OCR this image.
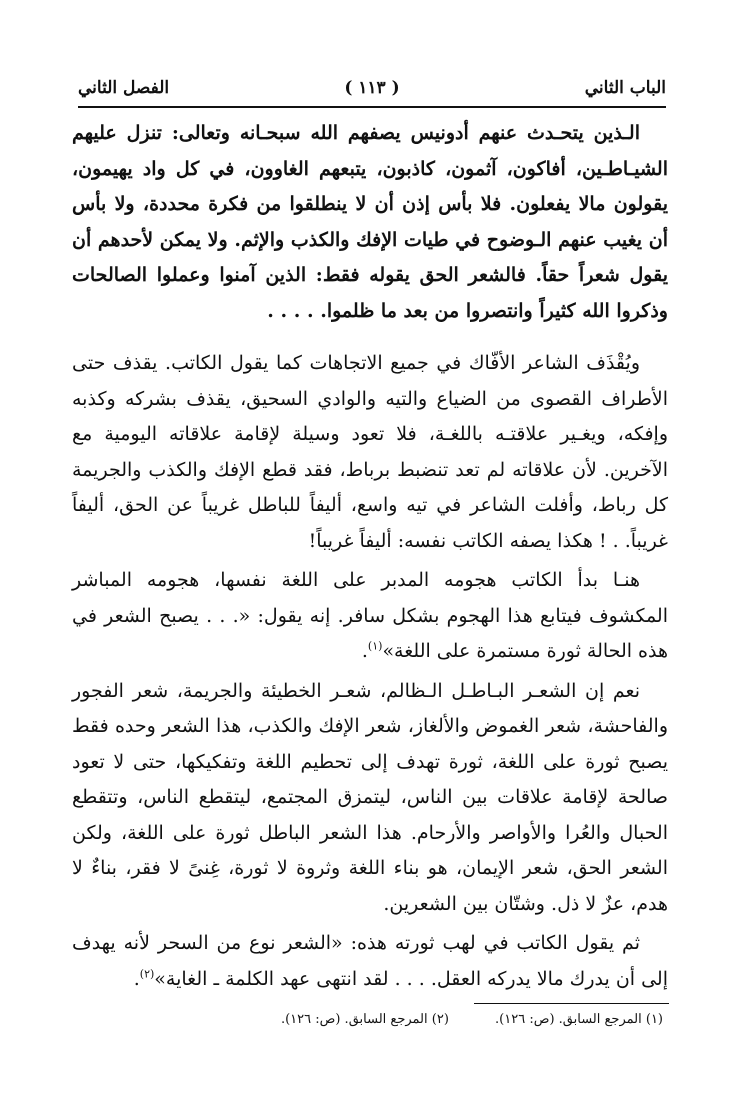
الباب الثاني
( ١١٣ )
الفصل الثاني

الـذين يتحـدث عنهم أدونيس يصفهم الله سبحـانه وتعالى: تنزل عليهم الشيـاطـين، أفاكون، آثمون، كاذبون، يتبعهم الغاوون، في كل واد يهيمون، يقولون مالا يفعلون. فلا بأس إذن أن لا ينطلقوا من فكرة محددة، ولا بأس أن يغيب عنهم الـوضوح في طيات الإفك والكذب والإثم. ولا يمكن لأحدهم أن يقول شعراً حقاً. فالشعر الحق يقوله فقط: الذين آمنوا وعملوا الصالحات وذكروا الله كثيراً وانتصروا من بعد ما ظلموا. . . . .

ويُقْذَف الشاعر الأفّاك في جميع الاتجاهات كما يقول الكاتب. يقذف حتى الأطراف القصوى من الضياع والتيه والوادي السحيق، يقذف بشركه وكذبه وإفكه، ويغـير علاقتـه باللغـة، فلا تعود وسيلة لإقامة علاقاته اليومية مع الآخرين. لأن علاقاته لم تعد تنضبط برباط، فقد قطع الإفك والكذب والجريمة كل رباط، وأفلت الشاعر في تيه واسع، أليفاً للباطل غريباً عن الحق، أليفاً غريباً. . ! هكذا يصفه الكاتب نفسه: أليفاً غريباً!

هنـا بدأ الكاتب هجومه المدبر على اللغة نفسها، هجومه المباشر المكشوف فيتابع هذا الهجوم بشكل سافر. إنه يقول: «. . . يصبح الشعر في هذه الحالة ثورة مستمرة على اللغة»$^{(١)}$.

نعم إن الشعـر البـاطـل الـظالم، شعـر الخطيئة والجريمة، شعر الفجور والفاحشة، شعر الغموض والألغاز، شعر الإفك والكذب، هذا الشعر وحده فقط يصبح ثورة على اللغة، ثورة تهدف إلى تحطيم اللغة وتفكيكها، حتى لا تعود صالحة لإقامة علاقات بين الناس، ليتمزق المجتمع، ليتقطع الناس، وتتقطع الحبال والعُرا والأواصر والأرحام. هذا الشعر الباطل ثورة على اللغة، ولكن الشعر الحق، شعر الإيمان، هو بناء اللغة وثروة لا ثورة، غِنىً لا فقر، بناءٌ لا هدم، عزٌ لا ذل. وشتّان بين الشعرين.

ثم يقول الكاتب في لهب ثورته هذه: «الشعر نوع من السحر لأنه يهدف إلى أن يدرك مالا يدركه العقل. . . . لقد انتهى عهد الكلمة ـ الغاية»$^{(٢)}$.

(١) المرجع السابق. (ص: ١٢٦). (٢) المرجع السابق. (ص: ١٢٦).
